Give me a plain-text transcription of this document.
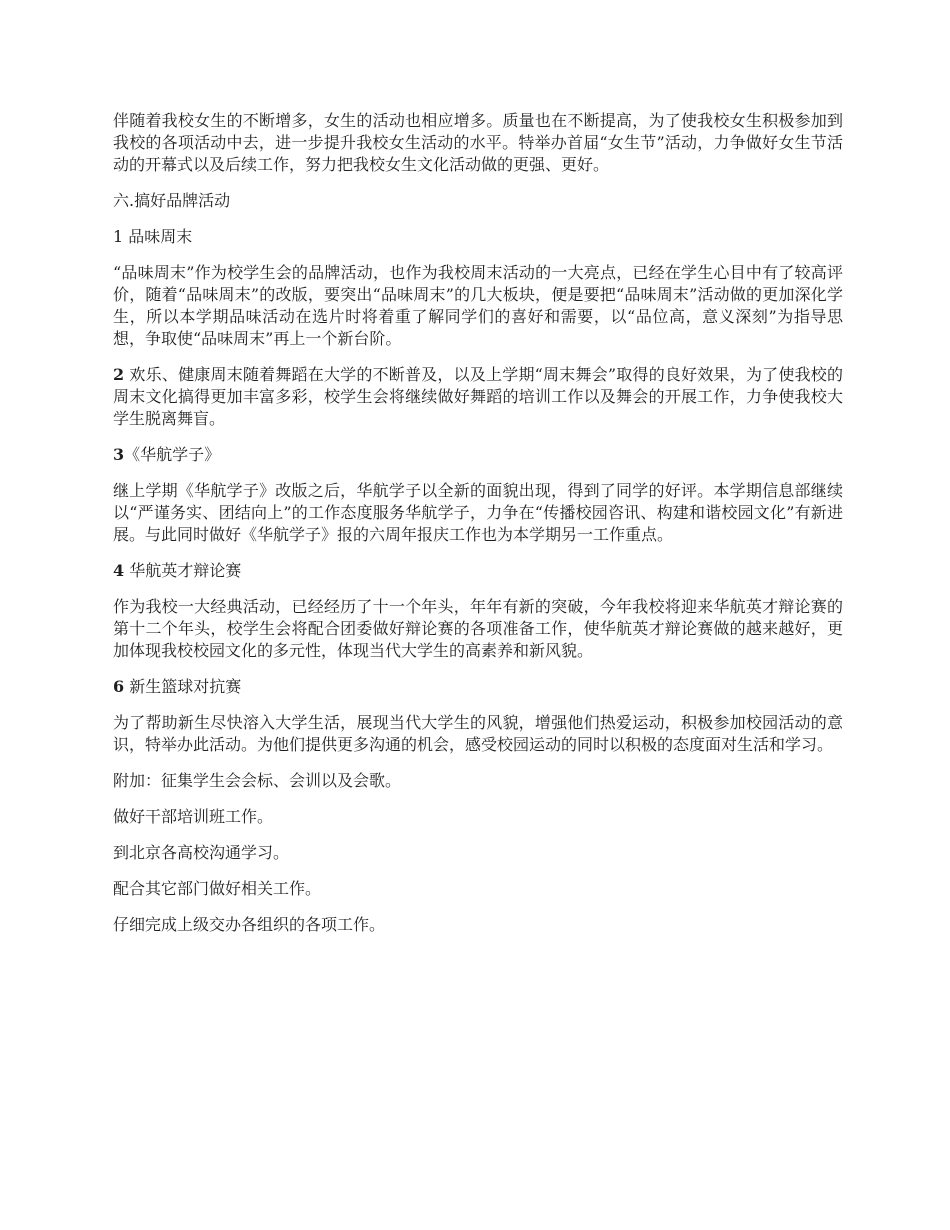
伴随着我校女生的不断增多，女生的活动也相应增多。质量也在不断提高，为了使我校女生积极参加到我校的各项活动中去，进一步提升我校女生活动的水平。特举办首届“女生节”活动，力争做好女生节活动的开幕式以及后续工作，努力把我校女生文化活动做的更强、更好。

六.搞好品牌活动

1 品味周末

“品味周末”作为校学生会的品牌活动，也作为我校周末活动的一大亮点，已经在学生心目中有了较高评价，随着“品味周末”的改版，要突出“品味周末”的几大板块，便是要把“品味周末”活动做的更加深化学生，所以本学期品味活动在选片时将着重了解同学们的喜好和需要，以“品位高，意义深刻”为指导思想，争取使“品味周末”再上一个新台阶。

2 欢乐、健康周末随着舞蹈在大学的不断普及，以及上学期“周末舞会”取得的良好效果，为了使我校的周末文化搞得更加丰富多彩，校学生会将继续做好舞蹈的培训工作以及舞会的开展工作，力争使我校大学生脱离舞盲。

3《华航学子》

继上学期《华航学子》改版之后，华航学子以全新的面貌出现，得到了同学的好评。本学期信息部继续以“严谨务实、团结向上”的工作态度服务华航学子，力争在“传播校园咨讯、构建和谐校园文化”有新进展。与此同时做好《华航学子》报的六周年报庆工作也为本学期另一工作重点。

4 华航英才辩论赛

作为我校一大经典活动，已经经历了十一个年头，年年有新的突破，今年我校将迎来华航英才辩论赛的第十二个年头，校学生会将配合团委做好辩论赛的各项准备工作，使华航英才辩论赛做的越来越好，更加体现我校校园文化的多元性，体现当代大学生的高素养和新风貌。

6 新生篮球对抗赛

为了帮助新生尽快溶入大学生活，展现当代大学生的风貌，增强他们热爱运动，积极参加校园活动的意识，特举办此活动。为他们提供更多沟通的机会，感受校园运动的同时以积极的态度面对生活和学习。

附加：征集学生会会标、会训以及会歌。

做好干部培训班工作。

到北京各高校沟通学习。

配合其它部门做好相关工作。

仔细完成上级交办各组织的各项工作。
